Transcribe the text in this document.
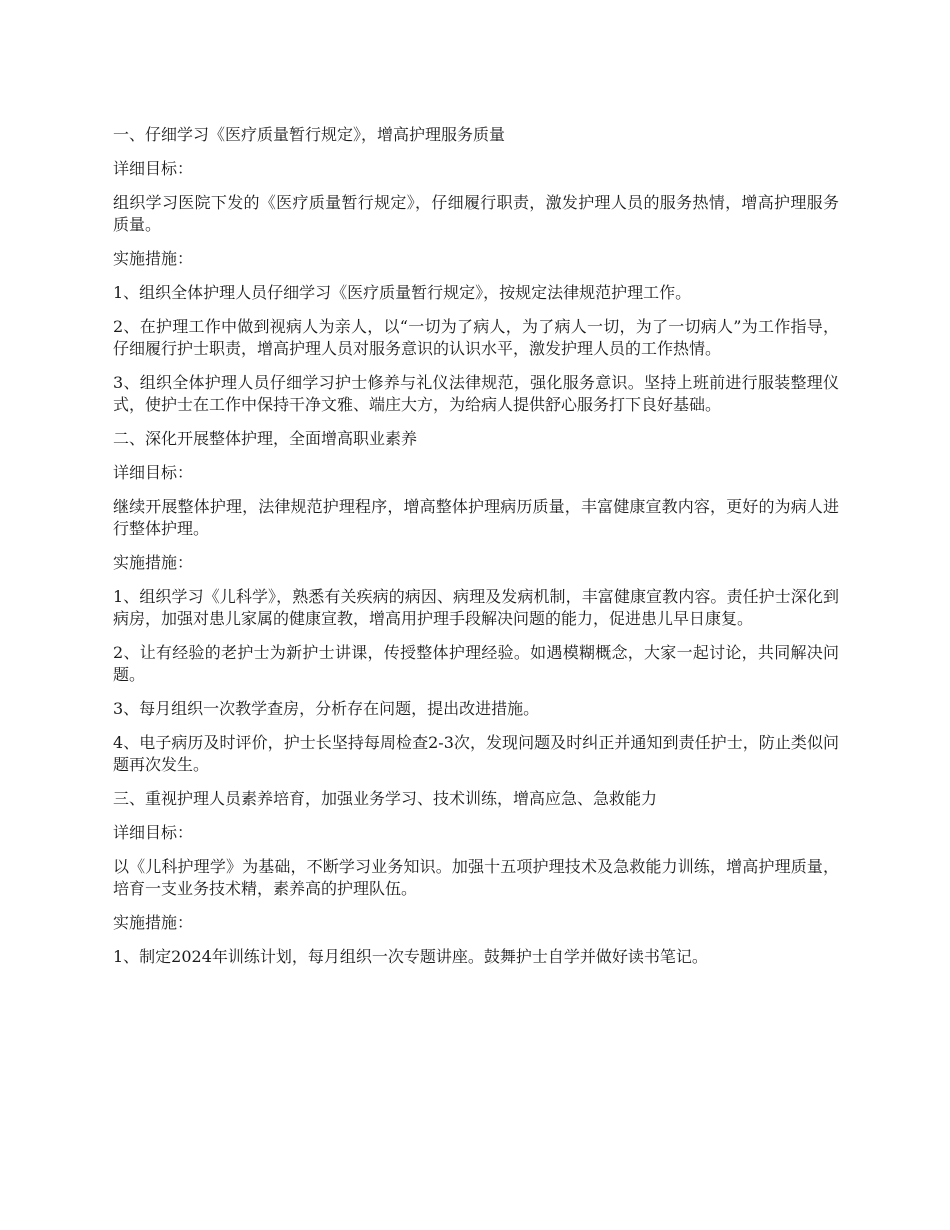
一、仔细学习《医疗质量暂行规定》，增高护理服务质量

详细目标：

组织学习医院下发的《医疗质量暂行规定》，仔细履行职责，激发护理人员的服务热情，增高护理服务质量。

实施措施：

1、组织全体护理人员仔细学习《医疗质量暂行规定》，按规定法律规范护理工作。

2、在护理工作中做到视病人为亲人，以“一切为了病人，为了病人一切，为了一切病人”为工作指导，仔细履行护士职责，增高护理人员对服务意识的认识水平，激发护理人员的工作热情。

3、组织全体护理人员仔细学习护士修养与礼仪法律规范，强化服务意识。坚持上班前进行服装整理仪式，使护士在工作中保持干净文雅、端庄大方，为给病人提供舒心服务打下良好基础。

二、深化开展整体护理，全面增高职业素养

详细目标：

继续开展整体护理，法律规范护理程序，增高整体护理病历质量，丰富健康宣教内容，更好的为病人进行整体护理。

实施措施：

1、组织学习《儿科学》，熟悉有关疾病的病因、病理及发病机制，丰富健康宣教内容。责任护士深化到病房，加强对患儿家属的健康宣教，增高用护理手段解决问题的能力，促进患儿早日康复。

2、让有经验的老护士为新护士讲课，传授整体护理经验。如遇模糊概念，大家一起讨论，共同解决问题。

3、每月组织一次教学查房，分析存在问题，提出改进措施。

4、电子病历及时评价，护士长坚持每周检查2-3次，发现问题及时纠正并通知到责任护士，防止类似问题再次发生。

三、重视护理人员素养培育，加强业务学习、技术训练，增高应急、急救能力

详细目标：

以《儿科护理学》为基础，不断学习业务知识。加强十五项护理技术及急救能力训练，增高护理质量，培育一支业务技术精，素养高的护理队伍。

实施措施：

1、制定2024年训练计划，每月组织一次专题讲座。鼓舞护士自学并做好读书笔记。
